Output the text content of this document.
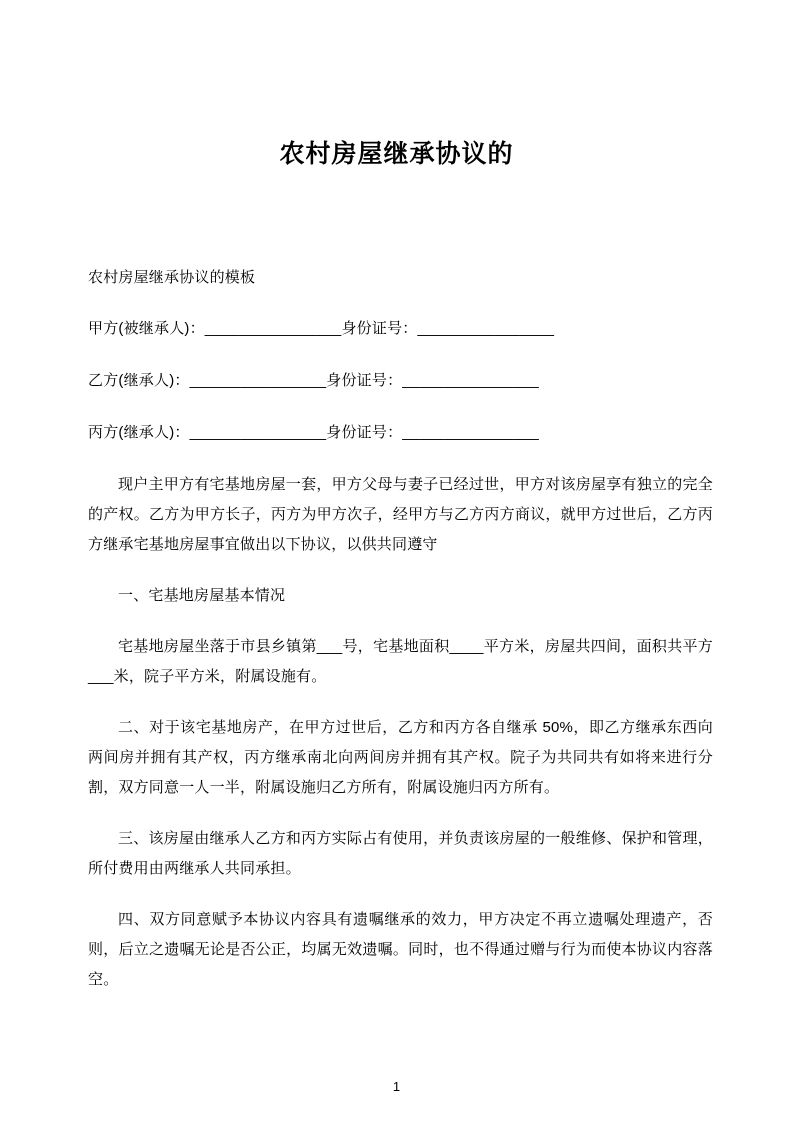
农村房屋继承协议的

农村房屋继承协议的模板

甲方(被继承人)：________________身份证号：________________

乙方(继承人)：________________身份证号：________________

丙方(继承人)：________________身份证号：________________

现户主甲方有宅基地房屋一套，甲方父母与妻子已经过世，甲方对该房屋享有独立的完全的产权。乙方为甲方长子，丙方为甲方次子，经甲方与乙方丙方商议，就甲方过世后，乙方丙方继承宅基地房屋事宜做出以下协议，以供共同遵守

一、宅基地房屋基本情况

宅基地房屋坐落于市县乡镇第___号，宅基地面积____平方米，房屋共四间，面积共平方___米，院子平方米，附属设施有。

二、对于该宅基地房产，在甲方过世后，乙方和丙方各自继承 50%，即乙方继承东西向两间房并拥有其产权，丙方继承南北向两间房并拥有其产权。院子为共同共有如将来进行分割，双方同意一人一半，附属设施归乙方所有，附属设施归丙方所有。

三、该房屋由继承人乙方和丙方实际占有使用，并负责该房屋的一般维修、保护和管理，所付费用由两继承人共同承担。

四、双方同意赋予本协议内容具有遗嘱继承的效力，甲方决定不再立遗嘱处理遗产，否则，后立之遗嘱无论是否公正，均属无效遗嘱。同时，也不得通过赠与行为而使本协议内容落空。

1
